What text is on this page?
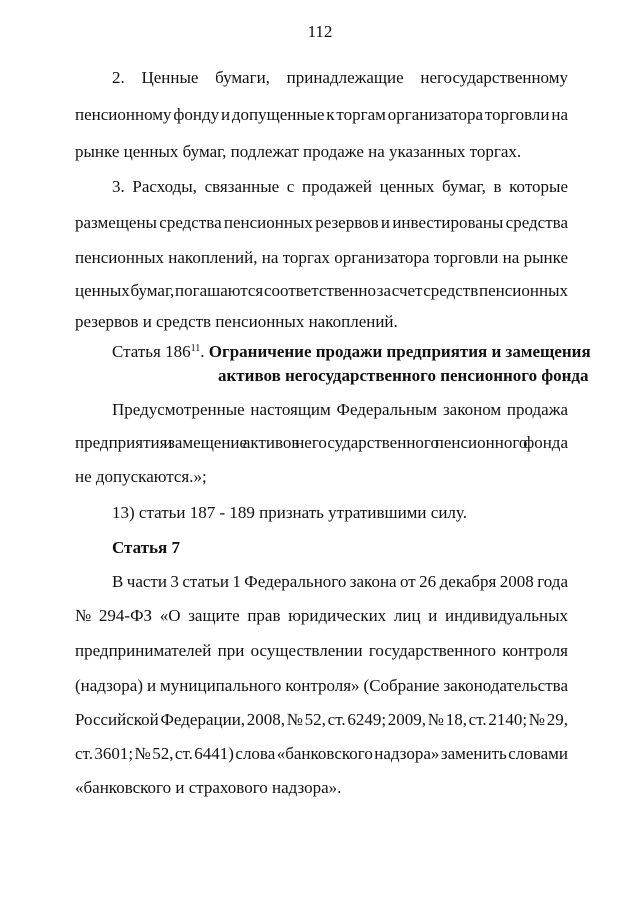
112
2. Ценные бумаги, принадлежащие негосударственному
пенсионному фонду и допущенные к торгам организатора торговли на
рынке ценных бумаг, подлежат продаже на указанных торгах.
3. Расходы, связанные с продажей ценных бумаг, в которые
размещены средства пенсионных резервов и инвестированы средства
пенсионных накоплений, на торгах организатора торговли на рынке
ценных бумаг, погашаются соответственно за счет средств пенсионных
резервов и средств пенсионных накоплений.
Статья $186^{11}$. Ограничение продажи предприятия и замещения
активов негосударственного пенсионного фонда
Предусмотренные настоящим Федеральным законом продажа
предприятия и замещение активов негосударственного пенсионного фонда
не допускаются.»;
13) статьи 187 - 189 признать утратившими силу.
Статья 7
В части 3 статьи 1 Федерального закона от 26 декабря 2008 года
№ 294-ФЗ «О защите прав юридических лиц и индивидуальных
предпринимателей при осуществлении государственного контроля
(надзора) и муниципального контроля» (Собрание законодательства
Российской Федерации, 2008, № 52, ст. 6249; 2009, № 18, ст. 2140; № 29,
ст. 3601; № 52, ст. 6441) слова «банковского надзора» заменить словами
«банковского и страхового надзора».
